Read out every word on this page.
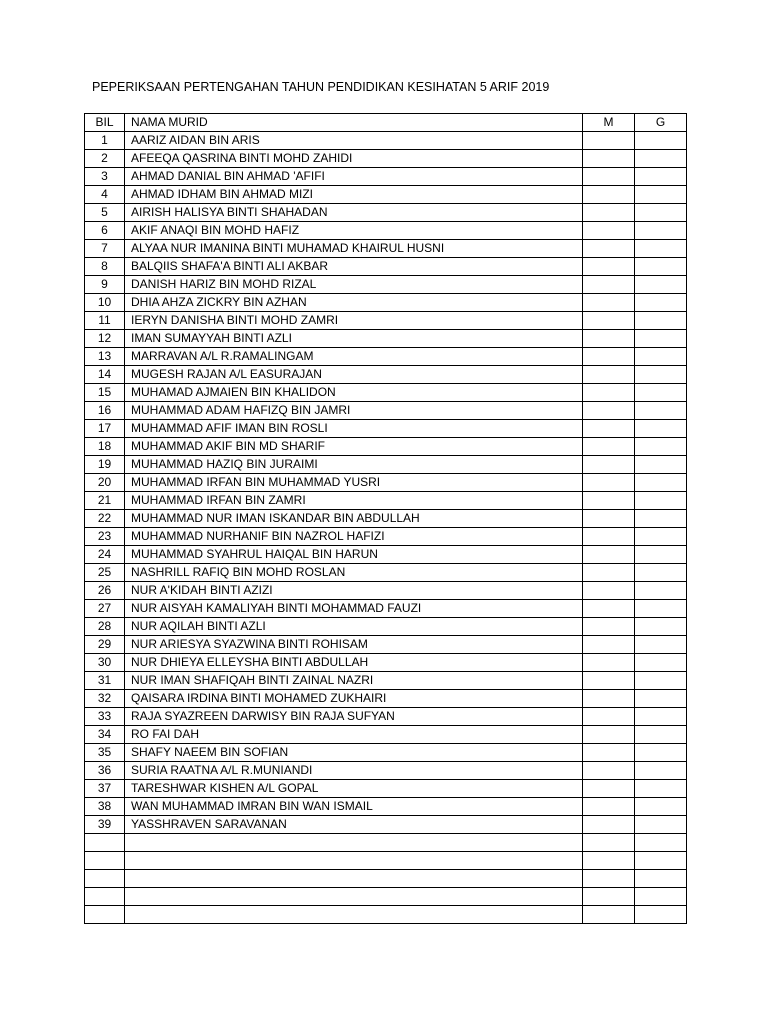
PEPERIKSAAN PERTENGAHAN TAHUN PENDIDIKAN KESIHATAN 5 ARIF 2019
BIL	NAMA MURID	M	G
1	AARIZ AIDAN BIN ARIS		
2	AFEEQA QASRINA BINTI MOHD ZAHIDI		
3	AHMAD DANIAL BIN AHMAD 'AFIFI		
4	AHMAD IDHAM BIN AHMAD MIZI		
5	AIRISH HALISYA BINTI SHAHADAN		
6	AKIF ANAQI BIN MOHD HAFIZ		
7	ALYAA NUR IMANINA BINTI MUHAMAD KHAIRUL HUSNI		
8	BALQIIS SHAFA'A BINTI ALI AKBAR		
9	DANISH HARIZ BIN MOHD RIZAL		
10	DHIA AHZA ZICKRY BIN AZHAN		
11	IERYN DANISHA BINTI MOHD ZAMRI		
12	IMAN SUMAYYAH BINTI AZLI		
13	MARRAVAN A/L R.RAMALINGAM		
14	MUGESH RAJAN A/L EASURAJAN		
15	MUHAMAD AJMAIEN BIN KHALIDON		
16	MUHAMMAD ADAM HAFIZQ BIN JAMRI		
17	MUHAMMAD AFIF IMAN BIN ROSLI		
18	MUHAMMAD AKIF BIN MD SHARIF		
19	MUHAMMAD HAZIQ BIN JURAIMI		
20	MUHAMMAD IRFAN BIN MUHAMMAD YUSRI		
21	MUHAMMAD IRFAN BIN ZAMRI		
22	MUHAMMAD NUR IMAN ISKANDAR BIN ABDULLAH		
23	MUHAMMAD NURHANIF BIN NAZROL HAFIZI		
24	MUHAMMAD SYAHRUL HAIQAL BIN HARUN		
25	NASHRILL RAFIQ BIN MOHD ROSLAN		
26	NUR A'KIDAH BINTI AZIZI		
27	NUR AISYAH KAMALIYAH BINTI MOHAMMAD FAUZI		
28	NUR AQILAH BINTI AZLI		
29	NUR ARIESYA SYAZWINA BINTI ROHISAM		
30	NUR DHIEYA ELLEYSHA BINTI ABDULLAH		
31	NUR IMAN SHAFIQAH BINTI ZAINAL NAZRI		
32	QAISARA IRDINA BINTI MOHAMED ZUKHAIRI		
33	RAJA SYAZREEN DARWISY BIN RAJA SUFYAN		
34	RO FAI DAH		
35	SHAFY NAEEM BIN SOFIAN		
36	SURIA RAATNA A/L R.MUNIANDI		
37	TARESHWAR KISHEN A/L GOPAL		
38	WAN MUHAMMAD IMRAN BIN WAN ISMAIL		
39	YASSHRAVEN SARAVANAN		
